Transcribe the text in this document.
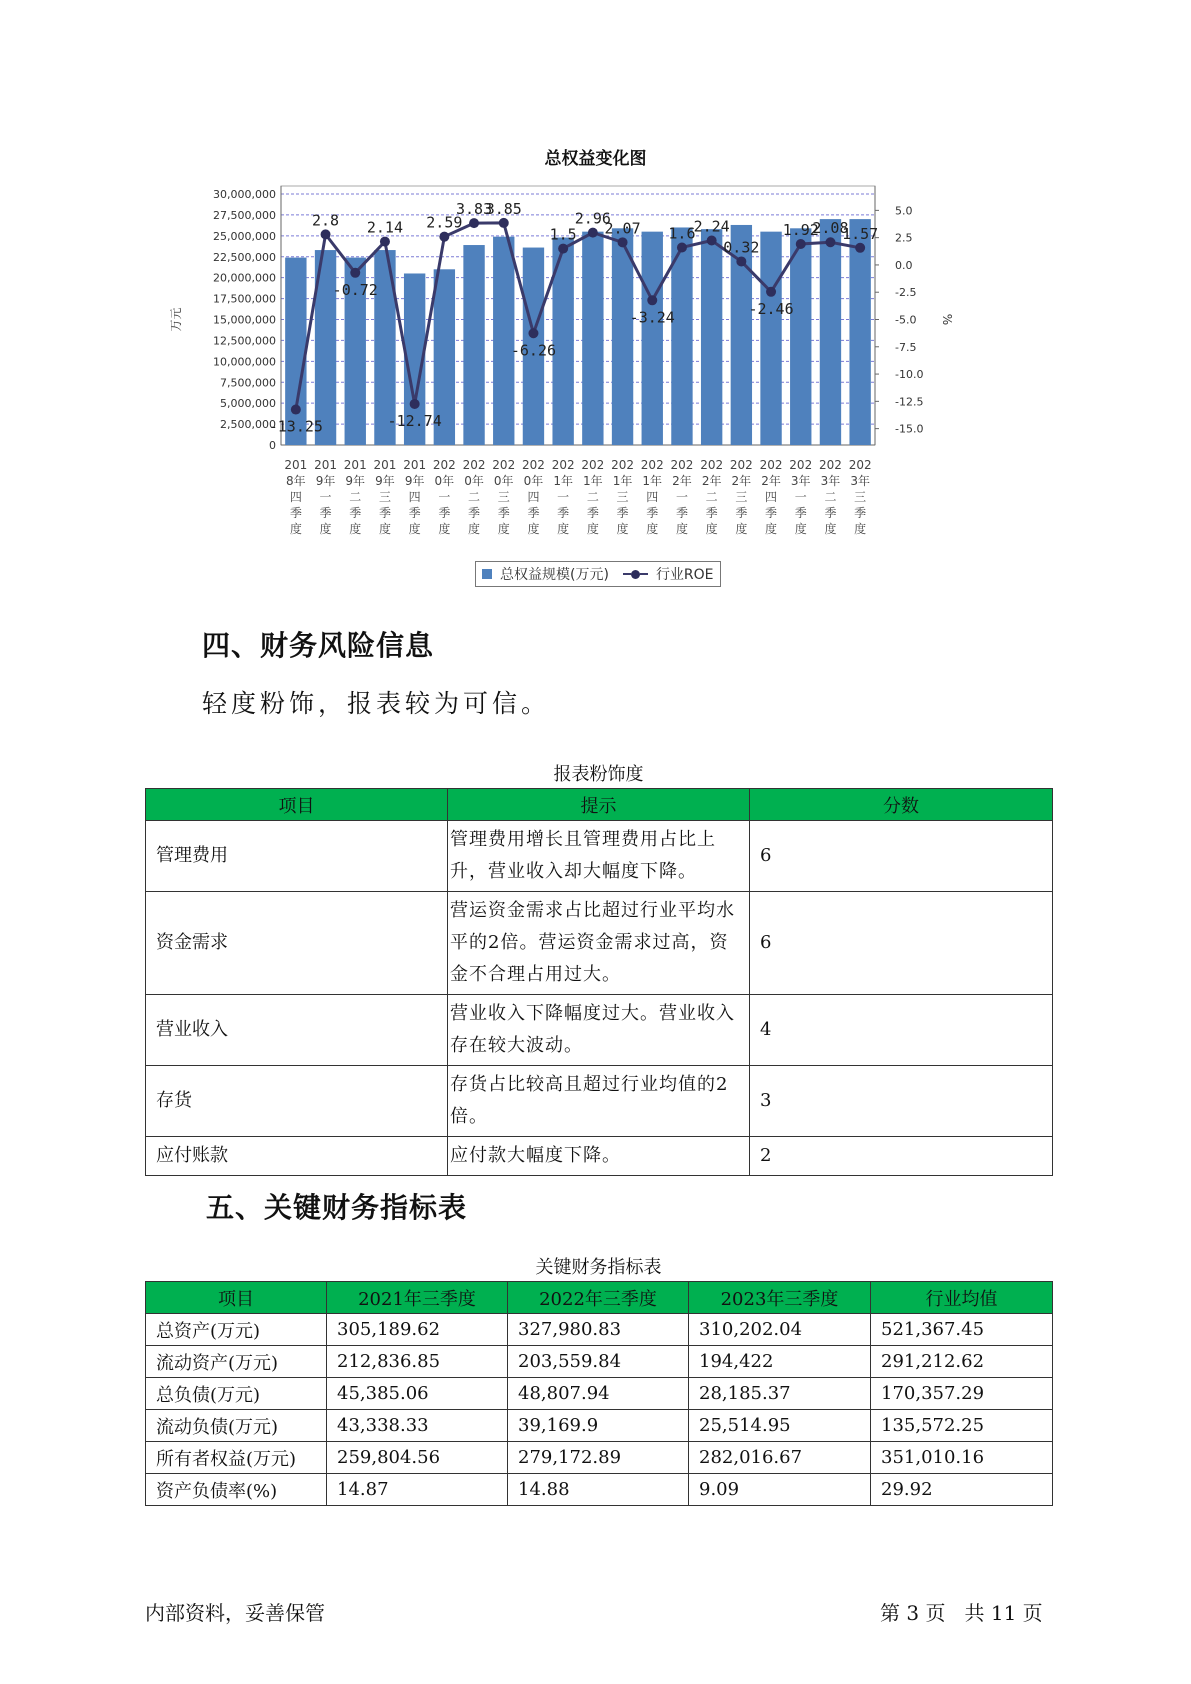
总权益变化图
0
2,500,000
5,000,000
7,500,000
10,000,000
12,500,000
15,000,000
17,500,000
20,000,000
22,500,000
25,000,000
27,500,000
30,000,000
-15.0
-12.5
-10.0
-7.5
-5.0
-2.5
0.0
2.5
5.0
万元	%
201 8年四季度
201 9年一季度
201 9年二季度
201 9年三季度
201 9年四季度
202 0年一季度
202 0年二季度
202 0年三季度
202 0年四季度
202 1年一季度
202 1年二季度
202 1年三季度
202 1年四季度
202 2年一季度
202 2年二季度
202 2年三季度
202 2年四季度
202 3年一季度
202 3年二季度
202 3年三季度
-13.25
2.8
-0.72
2.14
-12.74
2.59
3.83
3.85
-6.26
1.5
2.96
2.07
-3.24
1.6
2.24
0.32
-2.46
1.92
2.08
1.57
总权益规模(万元)	行业ROE
四、财务风险信息
轻度粉饰，报表较为可信。
报表粉饰度
项目	提示	分数
管理费用	管理费用增长且管理费用占比上升，营业收入却大幅度下降。	6
资金需求	营运资金需求占比超过行业平均水平的2倍。营运资金需求过高，资金不合理占用过大。	6
营业收入	营业收入下降幅度过大。营业收入存在较大波动。	4
存货	存货占比较高且超过行业均值的2倍。	3
应付账款	应付款大幅度下降。	2
五、关键财务指标表
关键财务指标表
项目	2021年三季度	2022年三季度	2023年三季度	行业均值
总资产(万元)	305,189.62	327,980.83	310,202.04	521,367.45
流动资产(万元)	212,836.85	203,559.84	194,422	291,212.62
总负债(万元)	45,385.06	48,807.94	28,185.37	170,357.29
流动负债(万元)	43,338.33	39,169.9	25,514.95	135,572.25
所有者权益(万元)	259,804.56	279,172.89	282,016.67	351,010.16
资产负债率(%)	14.87	14.88	9.09	29.92
内部资料，妥善保管	第 3 页   共 11 页
